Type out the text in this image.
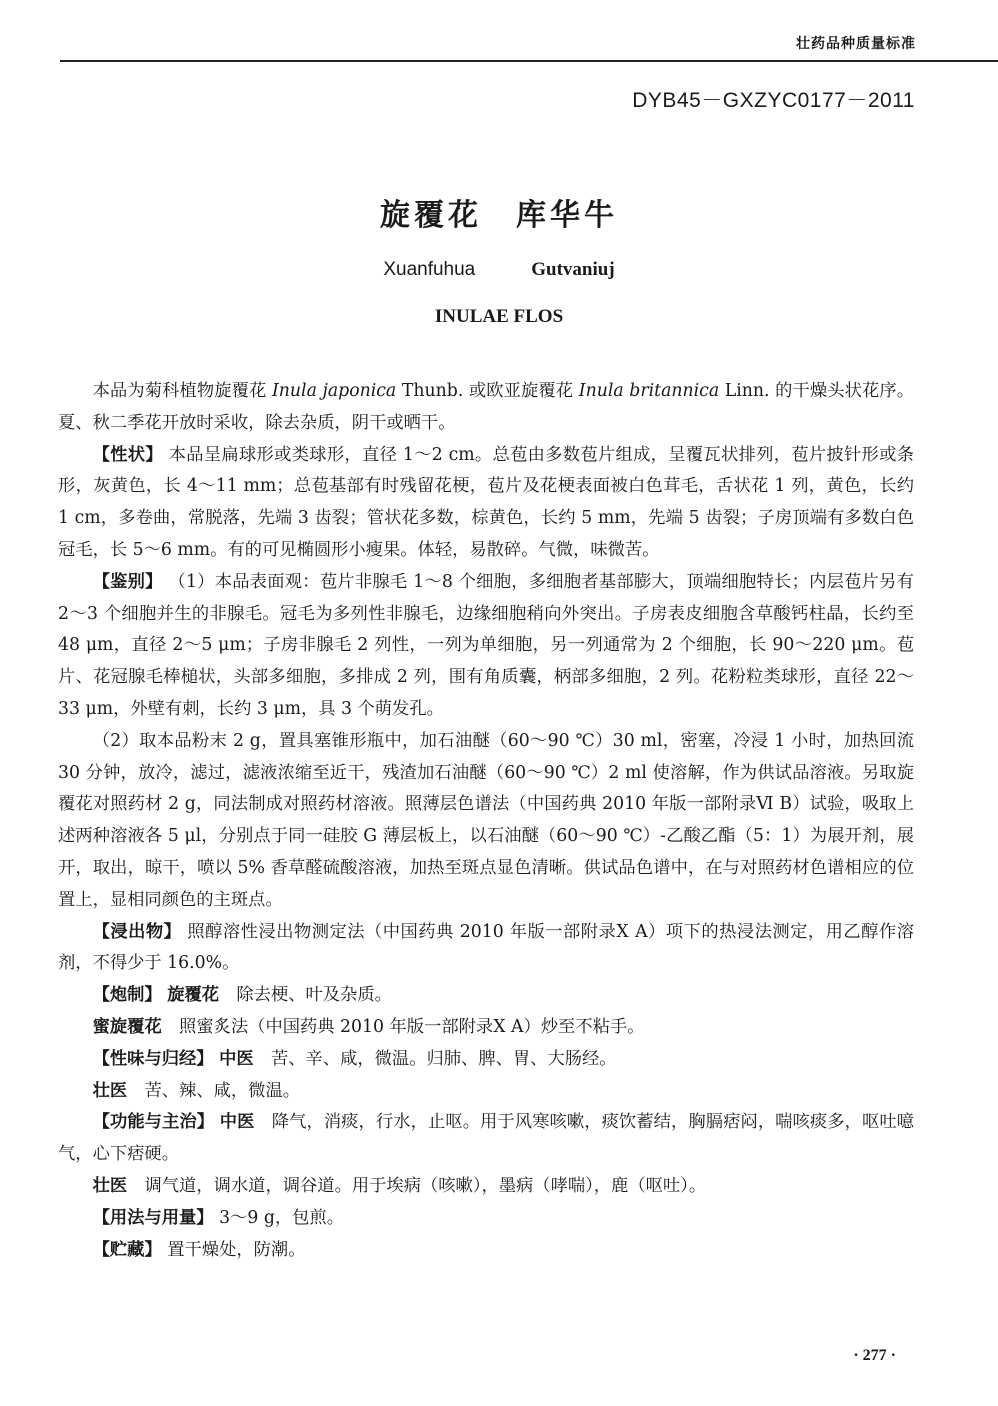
壮药品种质量标准
DYB45－GXZYC0177－2011
旋覆花 库华牛
Xuanfuhua	Gutvaniuj
INULAE FLOS

本品为菊科植物旋覆花 Inula japonica Thunb. 或欧亚旋覆花 Inula britannica Linn. 的干燥头状花序。夏、秋二季花开放时采收，除去杂质，阴干或晒干。

【性状】 本品呈扁球形或类球形，直径 1～2 cm。总苞由多数苞片组成，呈覆瓦状排列，苞片披针形或条形，灰黄色，长 4～11 mm；总苞基部有时残留花梗，苞片及花梗表面被白色茸毛，舌状花 1 列，黄色，长约 1 cm，多卷曲，常脱落，先端 3 齿裂；管状花多数，棕黄色，长约 5 mm，先端 5 齿裂；子房顶端有多数白色冠毛，长 5～6 mm。有的可见椭圆形小瘦果。体轻，易散碎。气微，味微苦。

【鉴别】 （1）本品表面观：苞片非腺毛 1～8 个细胞，多细胞者基部膨大，顶端细胞特长；内层苞片另有 2～3 个细胞并生的非腺毛。冠毛为多列性非腺毛，边缘细胞稍向外突出。子房表皮细胞含草酸钙柱晶，长约至 48 μm，直径 2～5 μm；子房非腺毛 2 列性，一列为单细胞，另一列通常为 2 个细胞，长 90～220 μm。苞片、花冠腺毛棒槌状，头部多细胞，多排成 2 列，围有角质囊，柄部多细胞，2 列。花粉粒类球形，直径 22～33 μm，外壁有刺，长约 3 μm，具 3 个萌发孔。

（2）取本品粉末 2 g，置具塞锥形瓶中，加石油醚（60～90 ℃）30 ml，密塞，冷浸 1 小时，加热回流 30 分钟，放冷，滤过，滤液浓缩至近干，残渣加石油醚（60～90 ℃）2 ml 使溶解，作为供试品溶液。另取旋覆花对照药材 2 g，同法制成对照药材溶液。照薄层色谱法（中国药典 2010 年版一部附录Ⅵ B）试验，吸取上述两种溶液各 5 μl，分别点于同一硅胶 G 薄层板上，以石油醚（60～90 ℃）-乙酸乙酯（5：1）为展开剂，展开，取出，晾干，喷以 5% 香草醛硫酸溶液，加热至斑点显色清晰。供试品色谱中，在与对照药材色谱相应的位置上，显相同颜色的主斑点。

【浸出物】 照醇溶性浸出物测定法（中国药典 2010 年版一部附录Ⅹ A）项下的热浸法测定，用乙醇作溶剂，不得少于 16.0%。

【炮制】 旋覆花 除去梗、叶及杂质。

蜜旋覆花 照蜜炙法（中国药典 2010 年版一部附录Ⅹ A）炒至不粘手。

【性味与归经】 中医 苦、辛、咸，微温。归肺、脾、胃、大肠经。

壮医 苦、辣、咸，微温。

【功能与主治】 中医 降气，消痰，行水，止呕。用于风寒咳嗽，痰饮蓄结，胸膈痞闷，喘咳痰多，呕吐噫气，心下痞硬。

壮医 调气道，调水道，调谷道。用于埃病（咳嗽），墨病（哮喘），鹿（呕吐）。

【用法与用量】 3～9 g，包煎。

【贮藏】 置干燥处，防潮。

· 277 ·
